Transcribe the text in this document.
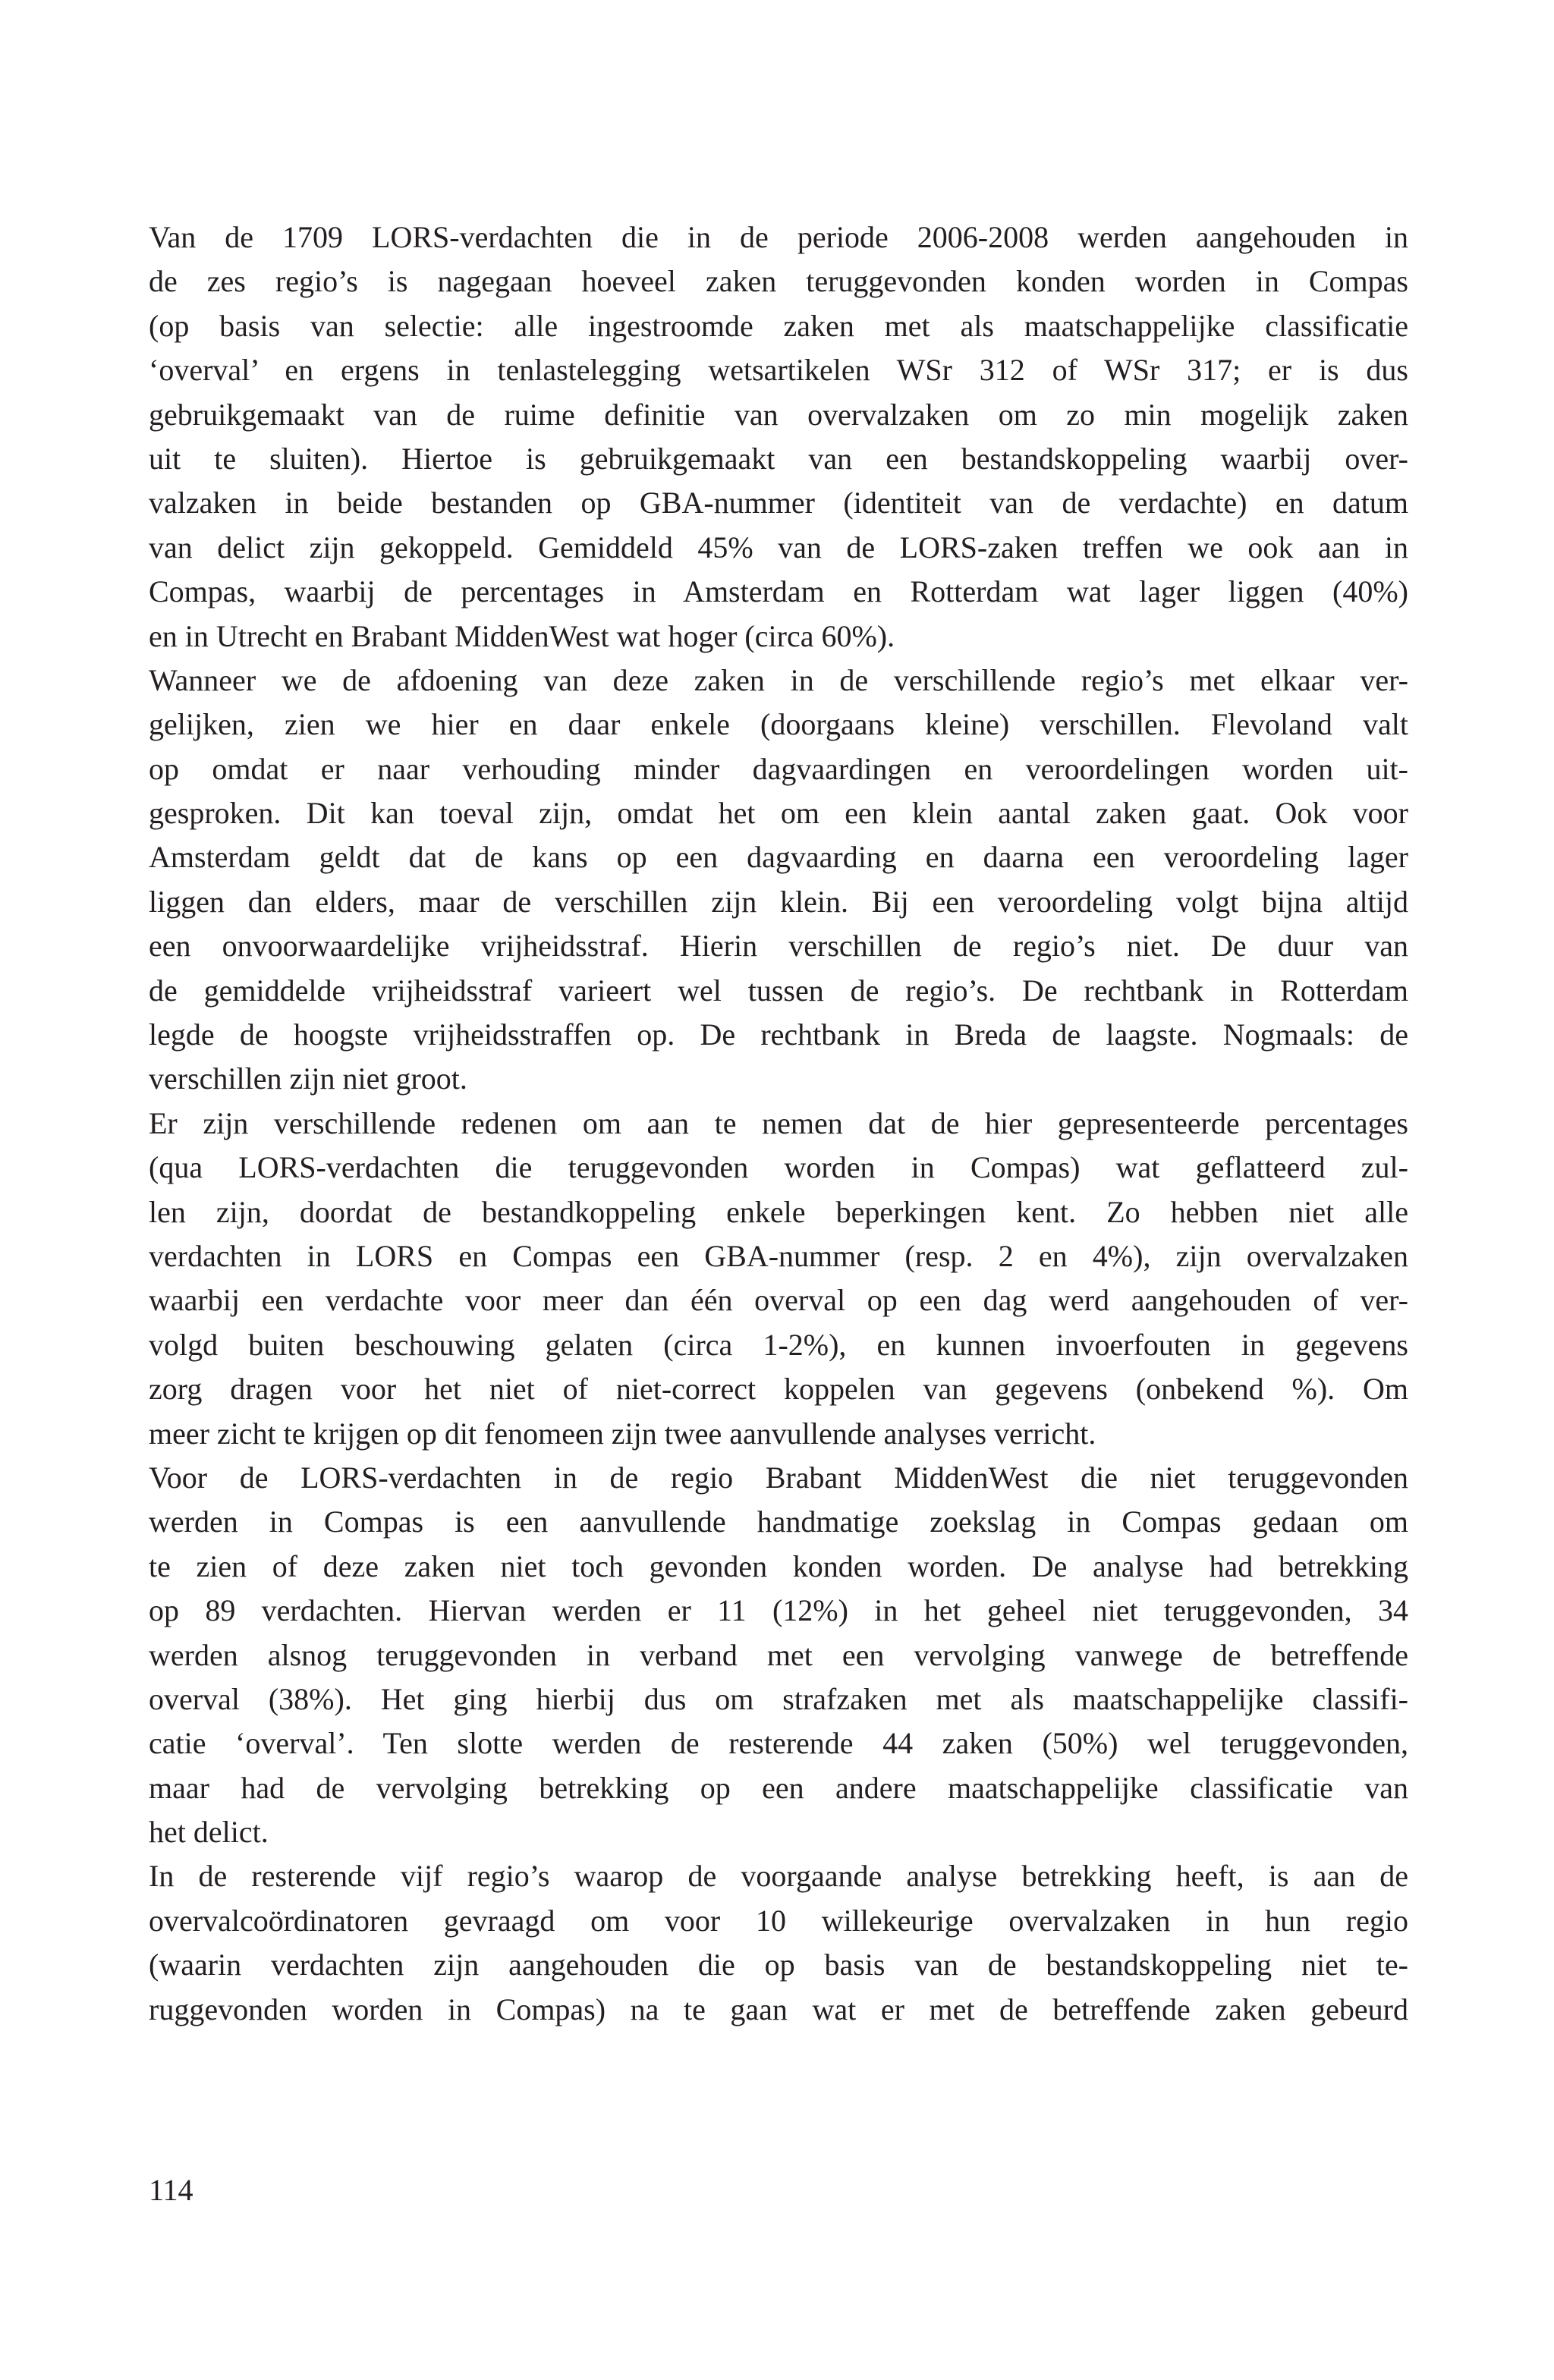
Van de 1709 LORS-verdachten die in de periode 2006-2008 werden aangehouden in
de zes regio’s is nagegaan hoeveel zaken teruggevonden konden worden in Compas
(op basis van selectie: alle ingestroomde zaken met als maatschappelijke classificatie
‘overval’ en ergens in tenlastelegging wetsartikelen WSr 312 of WSr 317; er is dus
gebruikgemaakt van de ruime definitie van overvalzaken om zo min mogelijk zaken
uit te sluiten). Hiertoe is gebruikgemaakt van een bestandskoppeling waarbij over-
valzaken in beide bestanden op GBA-nummer (identiteit van de verdachte) en datum
van delict zijn gekoppeld. Gemiddeld 45% van de LORS-zaken treffen we ook aan in
Compas, waarbij de percentages in Amsterdam en Rotterdam wat lager liggen (40%)
en in Utrecht en Brabant MiddenWest wat hoger (circa 60%).
Wanneer we de afdoening van deze zaken in de verschillende regio’s met elkaar ver-
gelijken, zien we hier en daar enkele (doorgaans kleine) verschillen. Flevoland valt
op omdat er naar verhouding minder dagvaardingen en veroordelingen worden uit-
gesproken. Dit kan toeval zijn, omdat het om een klein aantal zaken gaat. Ook voor
Amsterdam geldt dat de kans op een dagvaarding en daarna een veroordeling lager
liggen dan elders, maar de verschillen zijn klein. Bij een veroordeling volgt bijna altijd
een onvoorwaardelijke vrijheidsstraf. Hierin verschillen de regio’s niet. De duur van
de gemiddelde vrijheidsstraf varieert wel tussen de regio’s. De rechtbank in Rotterdam
legde de hoogste vrijheidsstraffen op. De rechtbank in Breda de laagste. Nogmaals: de
verschillen zijn niet groot.
Er zijn verschillende redenen om aan te nemen dat de hier gepresenteerde percentages
(qua LORS-verdachten die teruggevonden worden in Compas) wat geflatteerd zul-
len zijn, doordat de bestandkoppeling enkele beperkingen kent. Zo hebben niet alle
verdachten in LORS en Compas een GBA-nummer (resp. 2 en 4%), zijn overvalzaken
waarbij een verdachte voor meer dan één overval op een dag werd aangehouden of ver-
volgd buiten beschouwing gelaten (circa 1-2%), en kunnen invoerfouten in gegevens
zorg dragen voor het niet of niet-correct koppelen van gegevens (onbekend %). Om
meer zicht te krijgen op dit fenomeen zijn twee aanvullende analyses verricht.
Voor de LORS-verdachten in de regio Brabant MiddenWest die niet teruggevonden
werden in Compas is een aanvullende handmatige zoekslag in Compas gedaan om
te zien of deze zaken niet toch gevonden konden worden. De analyse had betrekking
op 89 verdachten. Hiervan werden er 11 (12%) in het geheel niet teruggevonden, 34
werden alsnog teruggevonden in verband met een vervolging vanwege de betreffende
overval (38%). Het ging hierbij dus om strafzaken met als maatschappelijke classifi-
catie ‘overval’. Ten slotte werden de resterende 44 zaken (50%) wel teruggevonden,
maar had de vervolging betrekking op een andere maatschappelijke classificatie van
het delict.
In de resterende vijf regio’s waarop de voorgaande analyse betrekking heeft, is aan de
overvalcoördinatoren gevraagd om voor 10 willekeurige overvalzaken in hun regio
(waarin verdachten zijn aangehouden die op basis van de bestandskoppeling niet te-
ruggevonden worden in Compas) na te gaan wat er met de betreffende zaken gebeurd
114
